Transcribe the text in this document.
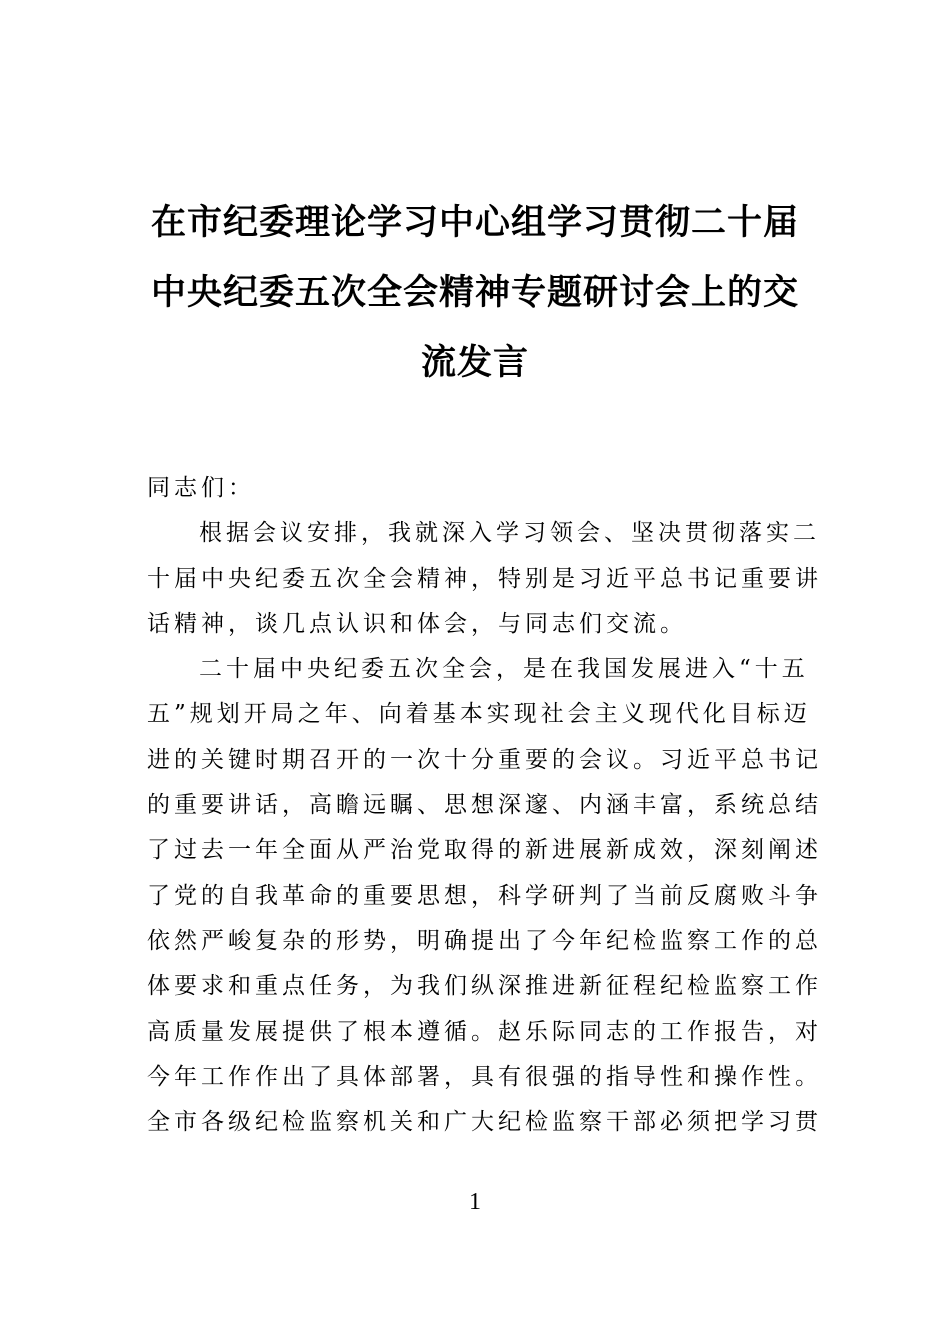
在市纪委理论学习中心组学习贯彻二十届
中央纪委五次全会精神专题研讨会上的交
流发言

同志们：

根据会议安排，我就深入学习领会、坚决贯彻落实二
十届中央纪委五次全会精神，特别是习近平总书记重要讲
话精神，谈几点认识和体会，与同志们交流。

二十届中央纪委五次全会，是在我国发展进入“十五
五”规划开局之年、向着基本实现社会主义现代化目标迈
进的关键时期召开的一次十分重要的会议。习近平总书记
的重要讲话，高瞻远瞩、思想深邃、内涵丰富，系统总结
了过去一年全面从严治党取得的新进展新成效，深刻阐述
了党的自我革命的重要思想，科学研判了当前反腐败斗争
依然严峻复杂的形势，明确提出了今年纪检监察工作的总
体要求和重点任务，为我们纵深推进新征程纪检监察工作
高质量发展提供了根本遵循。赵乐际同志的工作报告，对
今年工作作出了具体部署，具有很强的指导性和操作性。
全市各级纪检监察机关和广大纪检监察干部必须把学习贯

1
